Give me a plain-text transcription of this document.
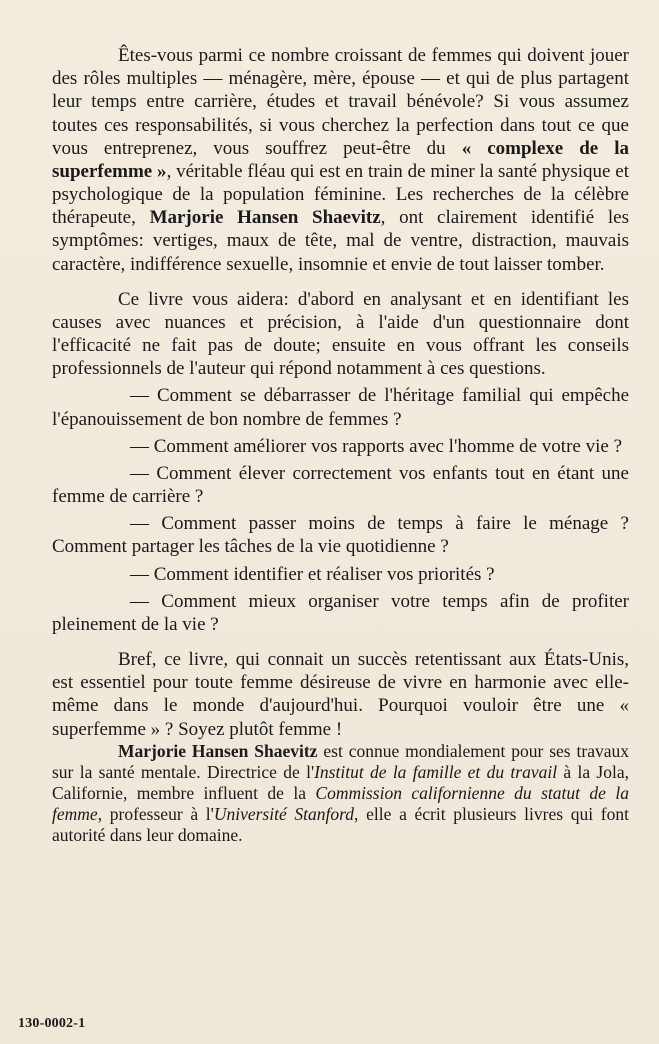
Êtes-vous parmi ce nombre croissant de femmes qui doivent jouer des rôles multiples — ménagère, mère, épouse — et qui de plus partagent leur temps entre carrière, études et travail bénévole? Si vous assumez toutes ces responsabilités, si vous cherchez la perfection dans tout ce que vous entreprenez, vous souffrez peut-être du « complexe de la superfemme », véritable fléau qui est en train de miner la santé physique et psychologique de la population féminine. Les recherches de la célèbre thérapeute, Marjorie Hansen Shaevitz, ont clairement identifié les symptômes: vertiges, maux de tête, mal de ventre, distraction, mauvais caractère, indifférence sexuelle, insomnie et envie de tout laisser tomber.

Ce livre vous aidera: d'abord en analysant et en identifiant les causes avec nuances et précision, à l'aide d'un questionnaire dont l'efficacité ne fait pas de doute; ensuite en vous offrant les conseils professionnels de l'auteur qui répond notamment à ces questions.

— Comment se débarrasser de l'héritage familial qui empêche l'épanouissement de bon nombre de femmes ?

— Comment améliorer vos rapports avec l'homme de votre vie ?

— Comment élever correctement vos enfants tout en étant une femme de carrière ?

— Comment passer moins de temps à faire le ménage ? Comment partager les tâches de la vie quotidienne ?

— Comment identifier et réaliser vos priorités ?

— Comment mieux organiser votre temps afin de profiter pleinement de la vie ?

Bref, ce livre, qui connait un succès retentissant aux États-Unis, est essentiel pour toute femme désireuse de vivre en harmonie avec elle-même dans le monde d'aujourd'hui. Pourquoi vouloir être une « superfemme » ? Soyez plutôt femme !

Marjorie Hansen Shaevitz est connue mondialement pour ses travaux sur la santé mentale. Directrice de l'Institut de la famille et du travail à la Jola, Californie, membre influent de la Commission californienne du statut de la femme, professeur à l'Université Stanford, elle a écrit plusieurs livres qui font autorité dans leur domaine.

130-0002-1
